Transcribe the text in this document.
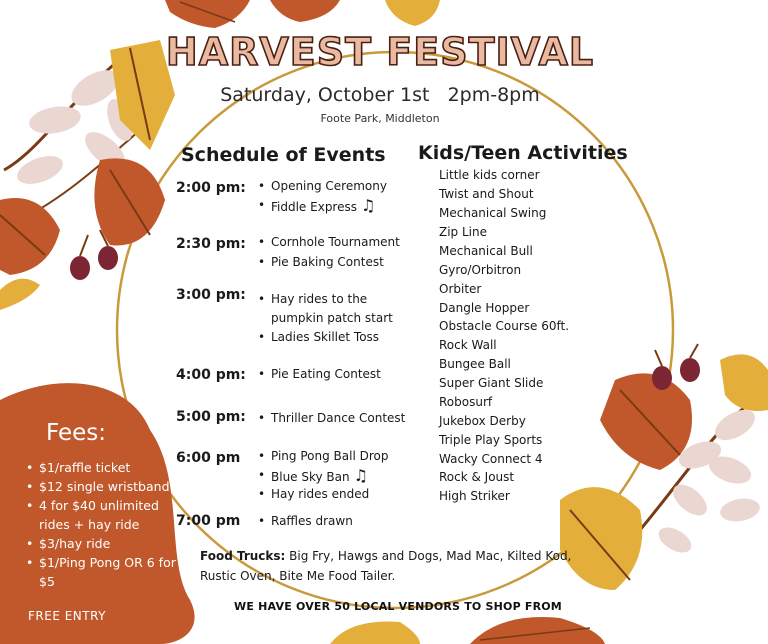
HARVEST FESTIVAL
Saturday, October 1st   2pm-8pm
Foote Park, Middleton
Schedule of Events
2:00 pm:	• Opening Ceremony
• Fiddle Express ♫
2:30 pm:	• Cornhole Tournament
• Pie Baking Contest
3:00 pm:	• Hay rides to the pumpkin patch start
• Ladies Skillet Toss
4:00 pm:	• Pie Eating Contest
5:00 pm:	• Thriller Dance Contest
6:00 pm	• Ping Pong Ball Drop
• Blue Sky Ban ♫
• Hay rides ended
7:00 pm	• Raffles drawn
Kids/Teen Activities
Little kids corner
Twist and Shout
Mechanical Swing
Zip Line
Mechanical Bull
Gyro/Orbitron
Orbiter
Dangle Hopper
Obstacle Course 60ft.
Rock Wall
Bungee Ball
Super Giant Slide
Robosurf
Jukebox Derby
Triple Play Sports
Wacky Connect 4
Rock & Joust
High Striker
Food Trucks: Big Fry, Hawgs and Dogs, Mad Mac, Kilted Kod, Rustic Oven, Bite Me Food Tailer.
WE HAVE OVER 50 LOCAL VENDORS TO SHOP FROM
Fees:
• $1/raffle ticket
• $12 single wristband
• 4 for $40 unlimited rides + hay ride
• $3/hay ride
• $1/Ping Pong OR 6 for $5
FREE ENTRY
